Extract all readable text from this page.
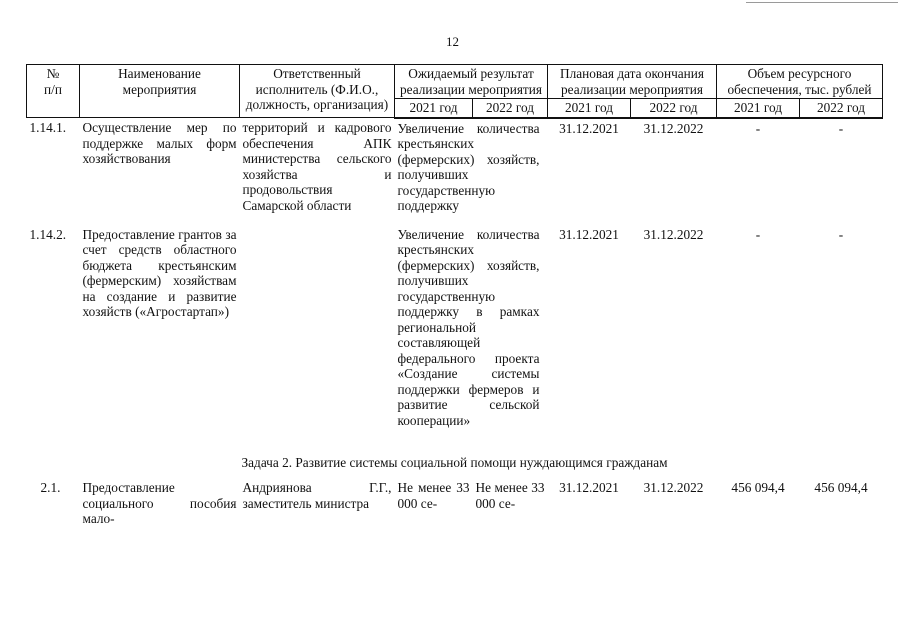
12
№
п/п	Наименование мероприятия	Ответственный исполнитель (Ф.И.О., должность, организация)	Ожидаемый результат реализации мероприятия		Плановая дата окончания реализации мероприятия		Объем ресурсного обеспечения, тыс. рублей	
			2021 год	2022 год	2021 год	2022 год	2021 год	2022 год
1.14.1.	Осуществление мер по поддержке малых форм хозяйствования	территорий и кадрового обеспечения АПК министерства сельского хозяйства и продовольствия Самарской области	Увеличение количества крестьянских (фермерских) хозяйств, получивших государственную поддержку		31.12.2021	31.12.2022	-	-
1.14.2.	Предоставление грантов за счет средств областного бюджета крестьянским (фермерским) хозяйствам на создание и развитие хозяйств («Агростартап»)		Увеличение количества крестьянских (фермерских) хозяйств, получивших государственную поддержку в рамках региональной составляющей федерального проекта «Создание системы поддержки фермеров и развитие сельской кооперации»		31.12.2021	31.12.2022	-	-
Задача 2. Развитие системы социальной помощи нуждающимся гражданам								
2.1.	Предоставление социального пособия мало-	Андриянова Г.Г., заместитель министра	Не менее 33 000 се-	Не менее 33 000 се-	31.12.2021	31.12.2022	456 094,4	456 094,4
